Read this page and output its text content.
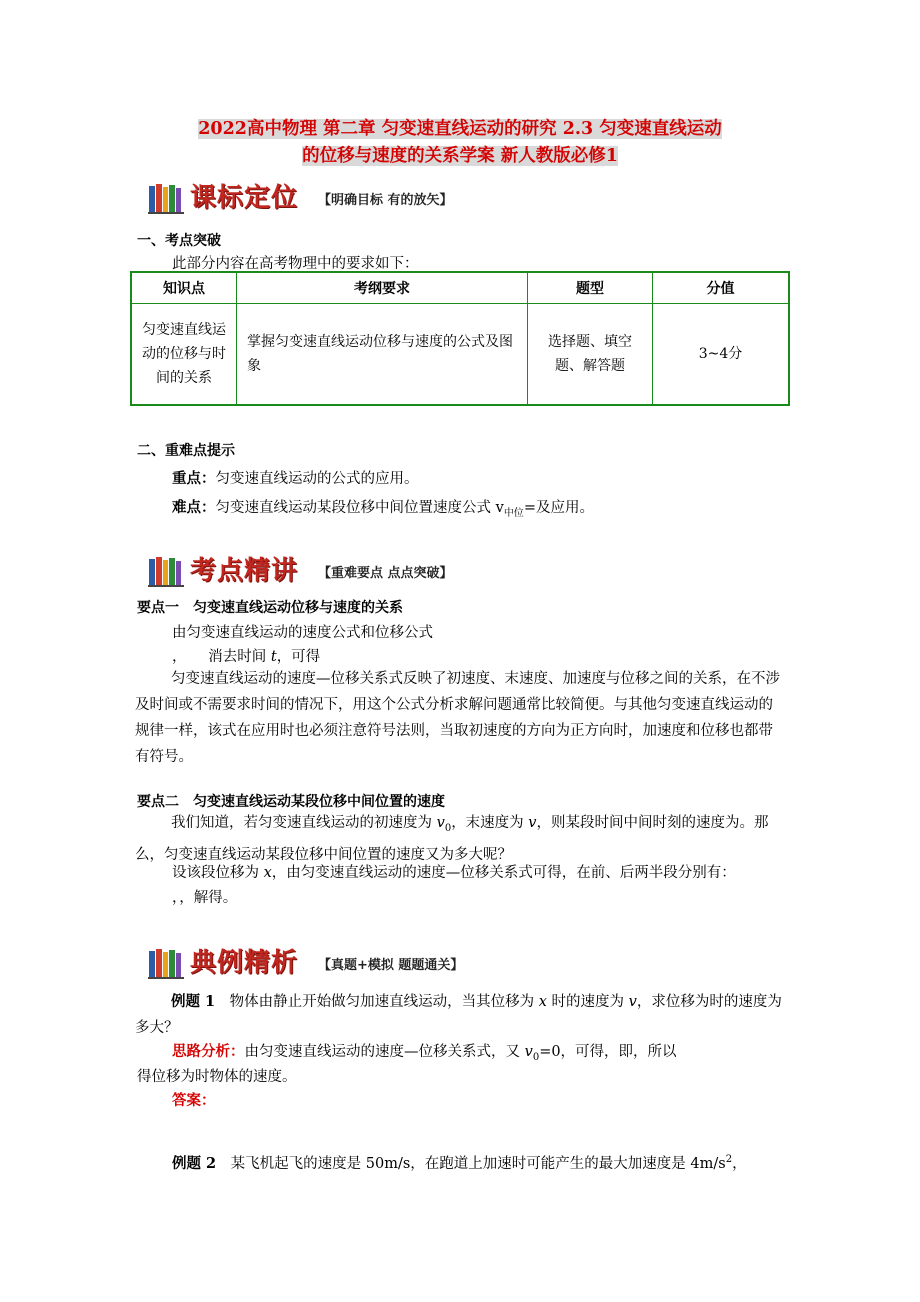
2022高中物理 第二章 匀变速直线运动的研究 2.3 匀变速直线运动
的位移与速度的关系学案 新人教版必修1
课标定位 【明确目标 有的放矢】
一、考点突破
此部分内容在高考物理中的要求如下：
知识点	考纲要求	题型	分值
匀变速直线运动的位移与时间的关系	掌握匀变速直线运动位移与速度的公式及图象	选择题、填空题、解答题	3~4分
二、重难点提示
重点：匀变速直线运动的公式的应用。
难点：匀变速直线运动某段位移中间位置速度公式 $v_{中位}=$及应用。
考点精讲 【重难要点 点点突破】
要点一　匀变速直线运动位移与速度的关系
由匀变速直线运动的速度公式和位移公式
，　　消去时间 t，可得
匀变速直线运动的速度—位移关系式反映了初速度、末速度、加速度与位移之间的关系，在不涉及时间或不需要求时间的情况下，用这个公式分析求解问题通常比较简便。与其他匀变速直线运动的规律一样，该式在应用时也必须注意符号法则，当取初速度的方向为正方向时，加速度和位移也都带有符号。
要点二　匀变速直线运动某段位移中间位置的速度
我们知道，若匀变速直线运动的初速度为 $v_0$，末速度为 v，则某段时间中间时刻的速度为。那么，匀变速直线运动某段位移中间位置的速度又为多大呢？
设该段位移为 x，由匀变速直线运动的速度—位移关系式可得，在前、后两半段分别有：
，，解得。
典例精析 【真题+模拟 题题通关】
例题 1　物体由静止开始做匀加速直线运动，当其位移为 x 时的速度为 v，求位移为时的速度为多大？
思路分析：由匀变速直线运动的速度—位移关系式，又 $v_0=0$，可得，即，所以
得位移为时物体的速度。
答案：
例题 2　某飞机起飞的速度是 50m/s，在跑道上加速时可能产生的最大加速度是 $4m/s^2$，
